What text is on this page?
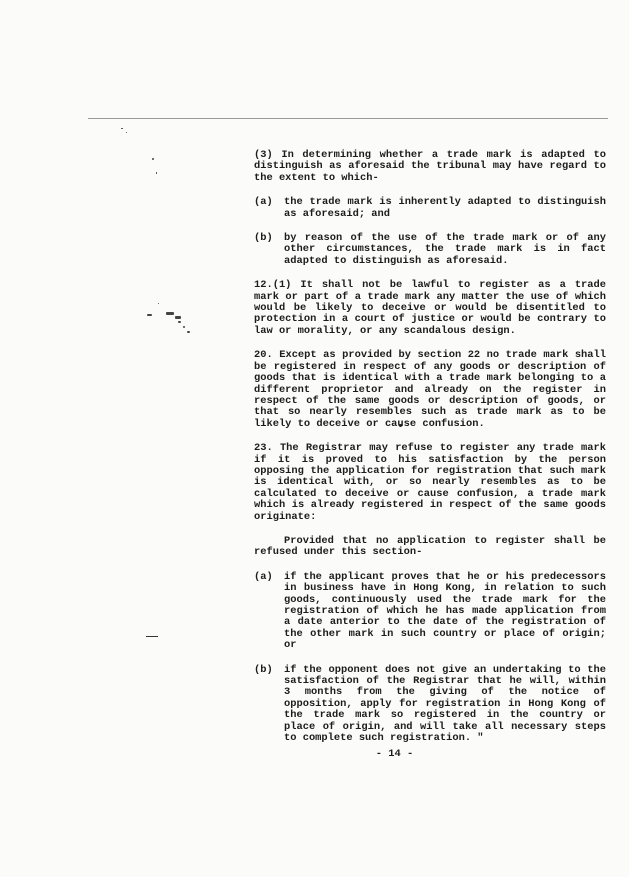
(3) In determining whether a trade mark is adapted to distinguish as aforesaid the tribunal may have regard to the extent to which-

(a)	the trade mark is inherently adapted to distinguish as aforesaid; and
(b)	by reason of the use of the trade mark or of any other circumstances, the trade mark is in fact adapted to distinguish as aforesaid.

12.(1) It shall not be lawful to register as a trade mark or part of a trade mark any matter the use of which would be likely to deceive or would be disentitled to protection in a court of justice or would be contrary to law or morality, or any scandalous design.

20. Except as provided by section 22 no trade mark shall be registered in respect of any goods or description of goods that is identical with a trade mark belonging to a different proprietor and already on the register in respect of the same goods or description of goods, or that so nearly resembles such as trade mark as to be likely to deceive or cause confusion.

23. The Registrar may refuse to register any trade mark if it is proved to his satisfaction by the person opposing the application for registration that such mark is identical with, or so nearly resembles as to be calculated to deceive or cause confusion, a trade mark which is already registered in respect of the same goods originate:

Provided that no application to register shall be refused under this section-

(a)	if the applicant proves that he or his predecessors in business have in Hong Kong, in relation to such goods, continuously used the trade mark for the registration of which he has made application from a date anterior to the date of the registration of the other mark in such country or place of origin; or
(b)	if the opponent does not give an undertaking to the satisfaction of the Registrar that he will, within 3 months from the giving of the notice of opposition, apply for registration in Hong Kong of the trade mark so registered in the country or place of origin, and will take all necessary steps to complete such registration. "
- 14 -
